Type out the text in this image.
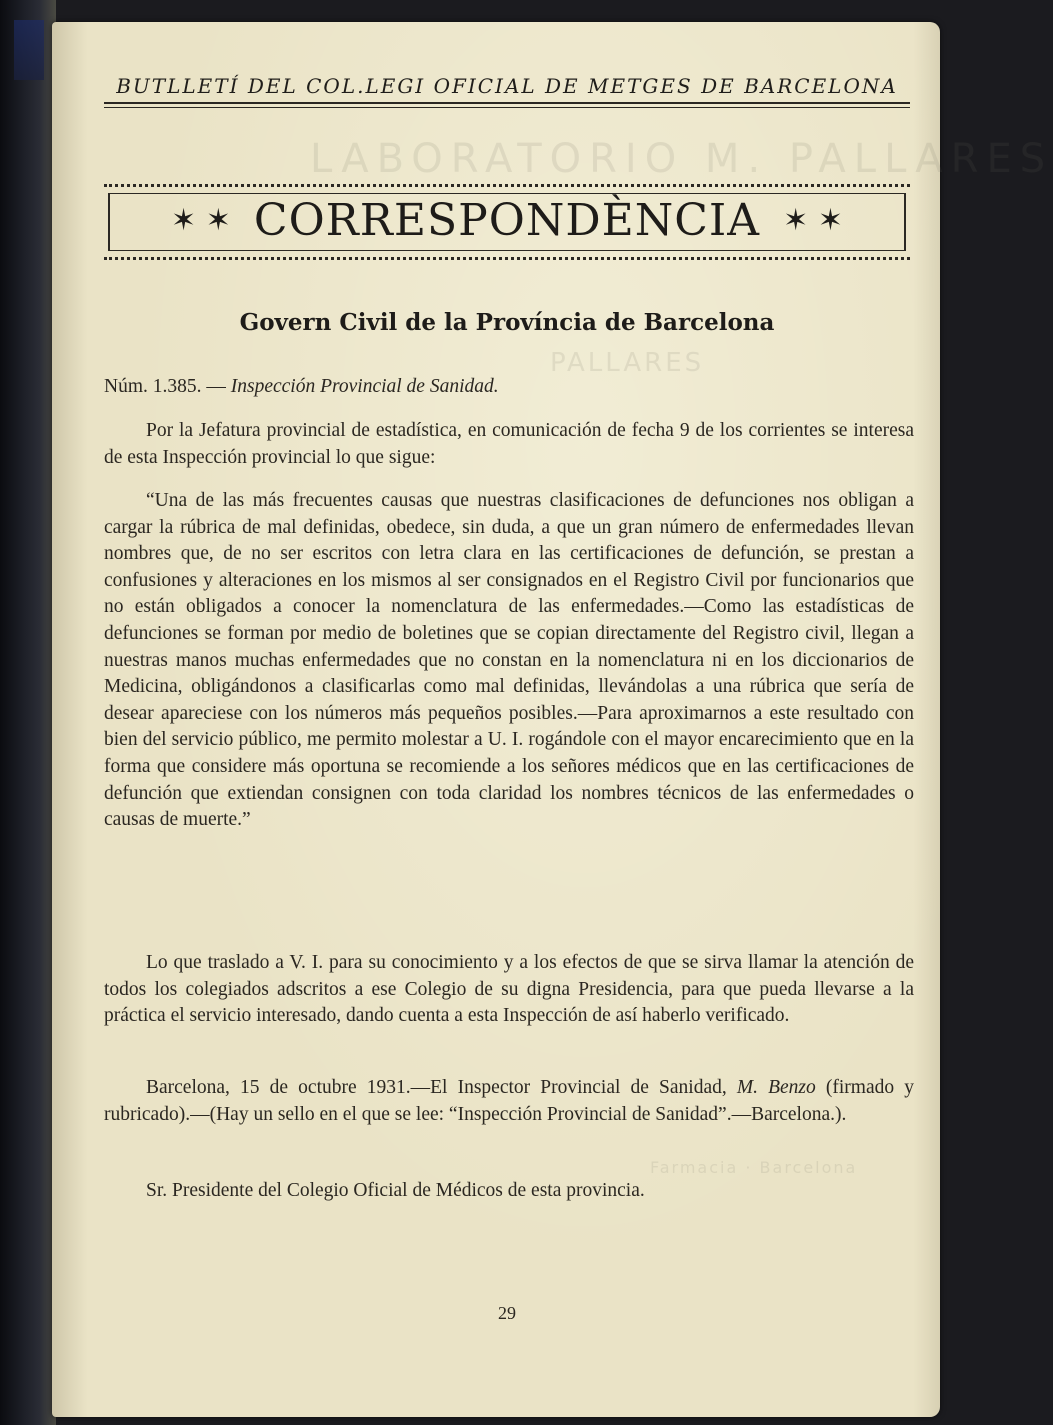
LABORATORIO M. PALLARES
PALLARES
Farmacia · Barcelona
BUTLLETÍ DEL COL.LEGI OFICIAL DE METGES DE BARCELONA
✶ ✶ CORRESPONDÈNCIA ✶ ✶
Govern Civil de la Província de Barcelona
Núm. 1.385. — Inspección Provincial de Sanidad.

Por la Jefatura provincial de estadística, en comunicación de fecha 9 de los corrientes se interesa de esta Inspección provincial lo que sigue:

“Una de las más frecuentes causas que nuestras clasificaciones de defunciones nos obligan a cargar la rúbrica de mal definidas, obedece, sin duda, a que un gran número de enfermedades llevan nombres que, de no ser escritos con letra clara en las certificaciones de defunción, se prestan a confusiones y alteraciones en los mismos al ser consignados en el Registro Civil por funcionarios que no están obligados a conocer la nomenclatura de las enfermedades.—Como las estadísticas de defunciones se forman por medio de boletines que se copian directamente del Registro civil, llegan a nuestras manos muchas enfermedades que no constan en la nomenclatura ni en los diccionarios de Medicina, obligándonos a clasificarlas como mal definidas, llevándolas a una rúbrica que sería de desear apareciese con los números más pequeños posibles.—Para aproximarnos a este resultado con bien del servicio público, me permito molestar a U. I. rogándole con el mayor encarecimiento que en la forma que considere más oportuna se recomiende a los señores médicos que en las certificaciones de defunción que extiendan consignen con toda claridad los nombres técnicos de las enfermedades o causas de muerte.”

Lo que traslado a V. I. para su conocimiento y a los efectos de que se sirva llamar la atención de todos los colegiados adscritos a ese Colegio de su digna Presidencia, para que pueda llevarse a la práctica el servicio interesado, dando cuenta a esta Inspección de así haberlo verificado.

Barcelona, 15 de octubre 1931.—El Inspector Provincial de Sanidad, M. Benzo (firmado y rubricado).—(Hay un sello en el que se lee: “Inspección Provincial de Sanidad”.—Barcelona.).

Sr. Presidente del Colegio Oficial de Médicos de esta provincia.

29
